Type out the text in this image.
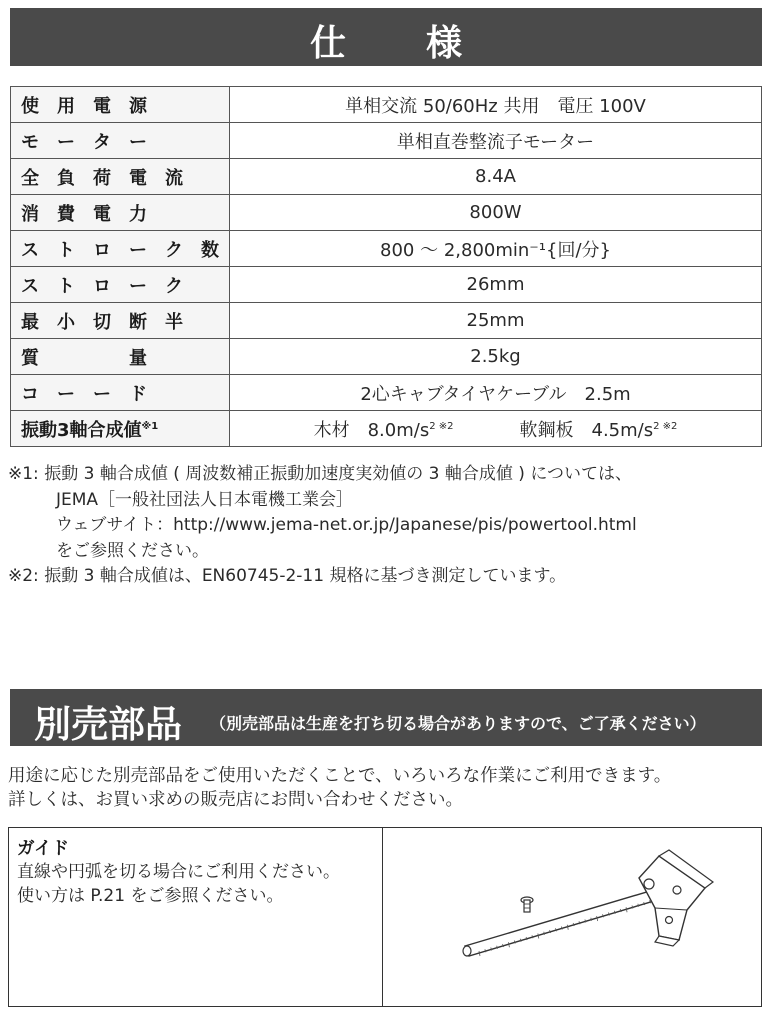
仕　様
使　用　電　源	単相交流 50/60Hz 共用　電圧 100V
モ　ー　タ　ー	単相直巻整流子モーター
全　負　荷　電　流	8.4A
消　費　電　力	800W
ス　ト　ロ　ー　ク　数	800 〜 2,800min⁻¹{回/分}
ス　ト　ロ　ー　ク	26mm
最　小　切　断　半	25mm
質　　　　　量	2.5kg
コ　ー　ー　ド	2心キャブタイヤケーブル　2.5m
振動3軸合成値$^{※1}$	木材　 $8.0m/s^{2 ※2}$ 軟鋼板　 $4.5m/s^{2 ※2}$
※1: 振動 3 軸合成値 ( 周波数補正振動加速度実効値の 3 軸合成値 ) については、
JEMA［一般社団法人日本電機工業会］
ウェブサイト：http://www.jema-net.or.jp/Japanese/pis/powertool.html
をご参照ください。
※2: 振動 3 軸合成値は、EN60745-2-11 規格に基づき測定しています。
別売部品 （別売部品は生産を打ち切る場合がありますので、ご了承ください）
用途に応じた別売部品をご使用いただくことで、いろいろな作業にご利用できます。
詳しくは、お買い求めの販売店にお問い合わせください。
ガイド
直線や円弧を切る場合にご利用ください。
使い方は P.21 をご参照ください。
